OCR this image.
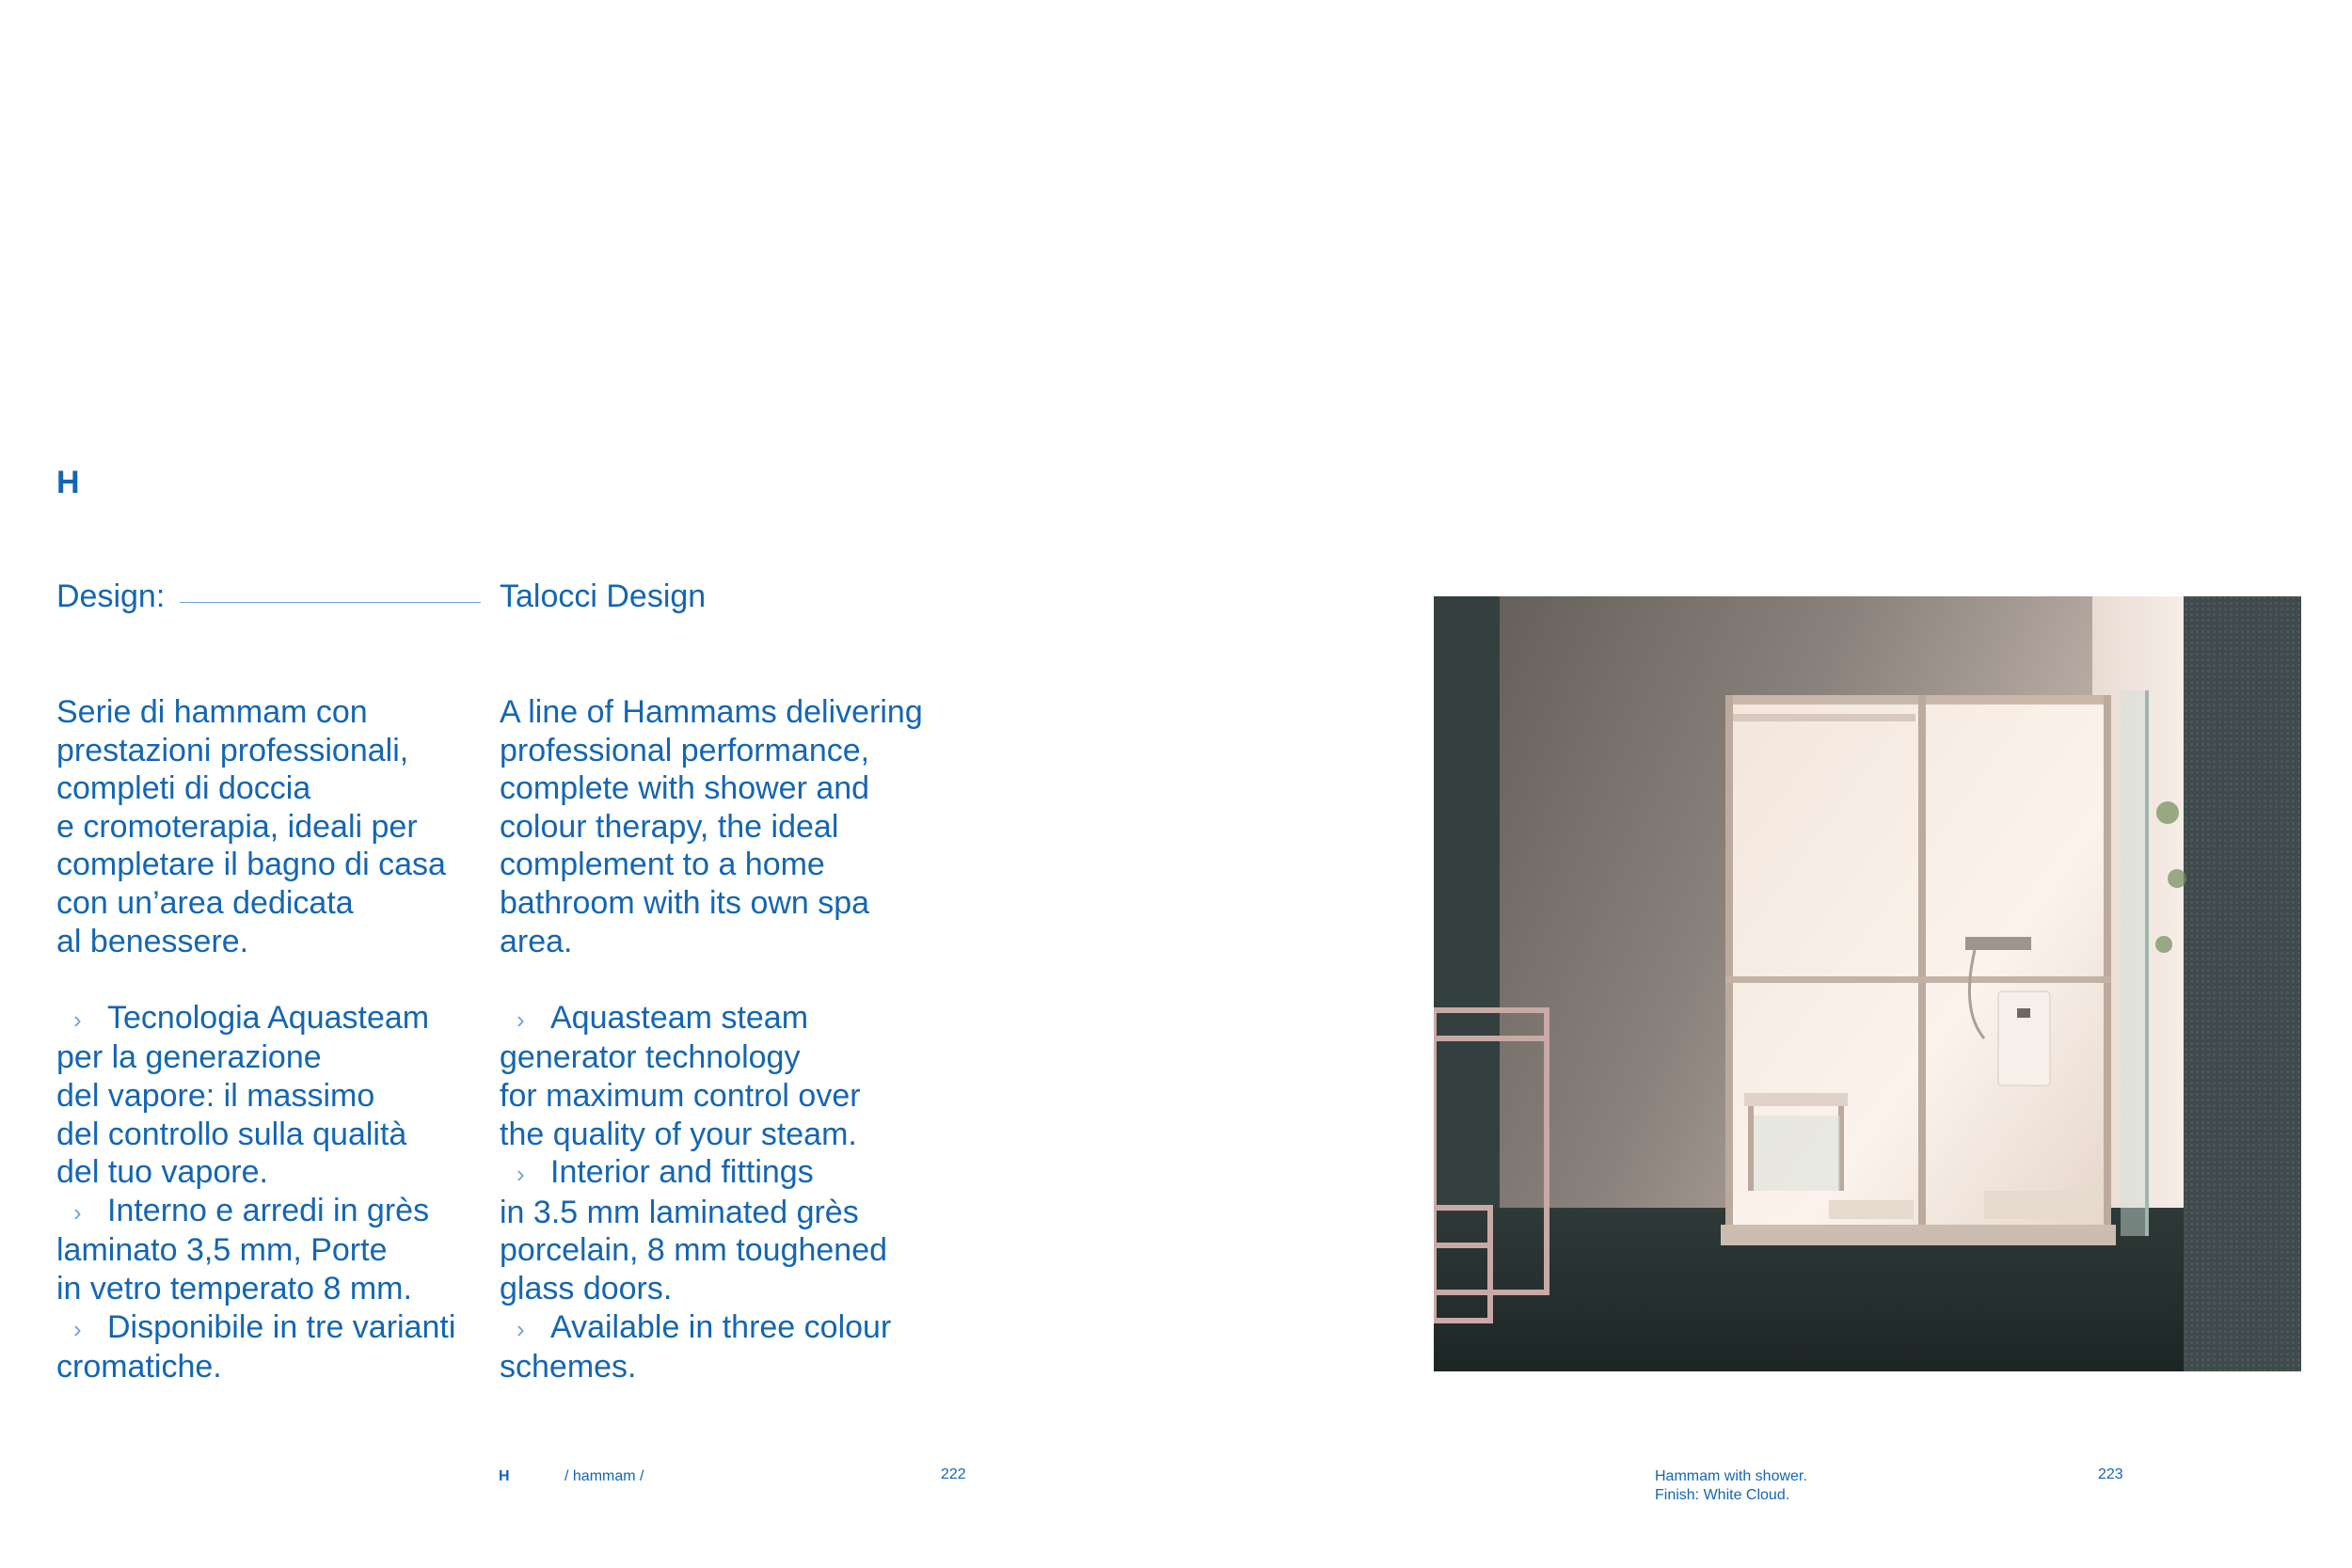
H
Design:	Talocci Design

Serie di hammam con
prestazioni professionali,
completi di doccia
e cromoterapia, ideali per
completare il bagno di casa
con un’area dedicata
al benessere.

› Tecnologia Aquasteam
per la generazione
del vapore: il massimo
del controllo sulla qualità
del tuo vapore.

› Interno e arredi in grès
laminato 3,5 mm, Porte
in vetro temperato 8 mm.

› Disponibile in tre varianti
cromatiche.

A line of Hammams delivering
professional performance,
complete with shower and
colour therapy, the ideal
complement to a home
bathroom with its own spa
area.

› Aquasteam steam
generator technology
for maximum control over
the quality of your steam.

› Interior and fittings
in 3.5 mm laminated grès
porcelain, 8 mm toughened
glass doors.

› Available in three colour
schemes.

H	/ hammam /	222	Hammam with shower.
Finish: White Cloud.
223
